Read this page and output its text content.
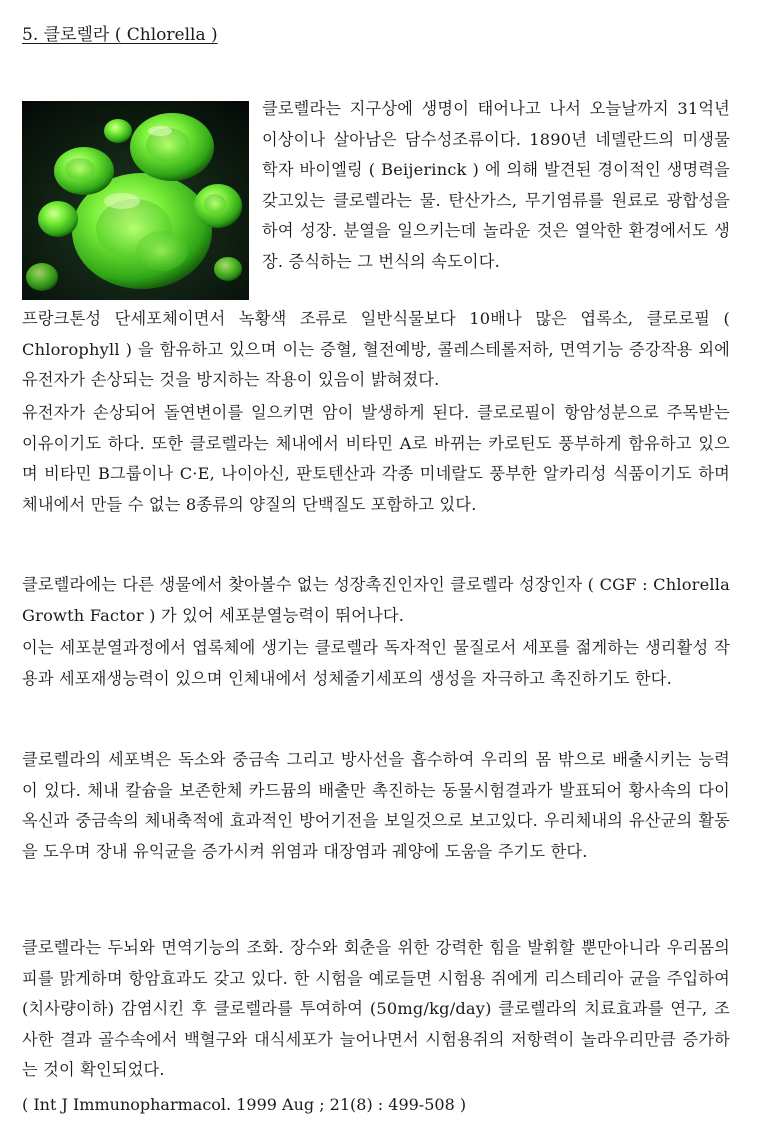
5. 클로렐라 ( Chlorella )

클로렐라는 지구상에 생명이 태어나고 나서 오늘날까지 31억년 이상이나 살아남은 담수성조류이다. 1890년 네델란드의 미생물학자 바이엘링 ( Beijerinck ) 에 의해 발견된 경이적인 생명력을 갖고있는 클로렐라는 물. 탄산가스, 무기염류를 원료로 광합성을 하여 성장. 분열을 일으키는데 놀라운 것은 열악한 환경에서도 생장. 증식하는 그 번식의 속도이다.

프랑크톤성 단세포체이면서 녹황색 조류로 일반식물보다 10배나 많은 엽록소, 클로로필 ( Chlorophyll ) 을 함유하고 있으며 이는 증혈, 혈전예방, 콜레스테롤저하, 면역기능 증강작용 외에 유전자가 손상되는 것을 방지하는 작용이 있음이 밝혀졌다.

유전자가 손상되어 돌연변이를 일으키면 암이 발생하게 된다. 클로로필이 항암성분으로 주목받는 이유이기도 하다. 또한 클로렐라는 체내에서 비타민 A로 바뀌는 카로틴도 풍부하게 함유하고 있으며 비타민 B그룹이나 C·E, 나이아신, 판토텐산과 각종 미네랄도 풍부한 알카리성 식품이기도 하며 체내에서 만들 수 없는 8종류의 양질의 단백질도 포함하고 있다.

클로렐라에는 다른 생물에서 찾아볼수 없는 성장촉진인자인 클로렐라 성장인자 ( CGF : Chlorella Growth Factor ) 가 있어 세포분열능력이 뛰어나다.

이는 세포분열과정에서 엽록체에 생기는 클로렐라 독자적인 물질로서 세포를 젊게하는 생리활성 작용과 세포재생능력이 있으며 인체내에서 성체줄기세포의 생성을 자극하고 촉진하기도 한다.

클로렐라의 세포벽은 독소와 중금속 그리고 방사선을 흡수하여 우리의 몸 밖으로 배출시키는 능력이 있다. 체내 칼슘을 보존한체 카드뮴의 배출만 촉진하는 동물시험결과가 발표되어 황사속의 다이옥신과 중금속의 체내축적에 효과적인 방어기전을 보일것으로 보고있다. 우리체내의 유산균의 활동을 도우며 장내 유익균을 증가시켜 위염과 대장염과 궤양에 도움을 주기도 한다.

클로렐라는 두뇌와 면역기능의 조화. 장수와 회춘을 위한 강력한 힘을 발휘할 뿐만아니라 우리몸의 피를 맑게하며 항암효과도 갖고 있다. 한 시험을 예로들면 시험용 쥐에게 리스테리아 균을 주입하여 (치사량이하) 감염시킨 후 클로렐라를 투여하여 (50mg/kg/day) 클로렐라의 치료효과를 연구, 조사한 결과 골수속에서 백혈구와 대식세포가 늘어나면서 시험용쥐의 저항력이 놀라우리만큼 증가하는 것이 확인되었다.

( Int J Immunopharmacol. 1999 Aug ; 21(8) : 499-508 )
